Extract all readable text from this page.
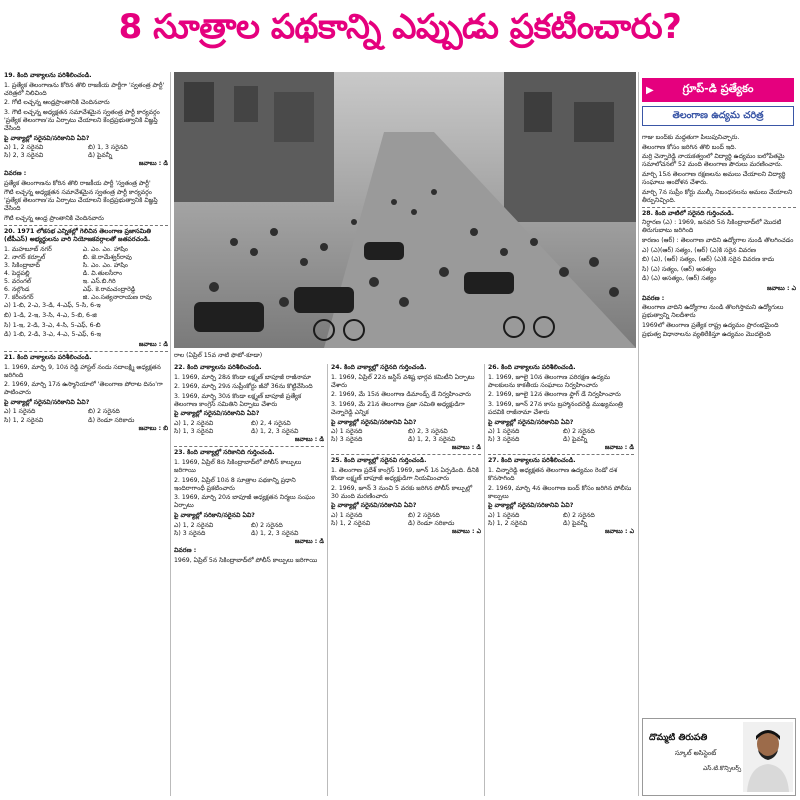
8 సూత్రాల పథకాన్ని ఎప్పుడు ప్రకటించారు?

19. కింది వాక్యాలను పరిశీలించండి.

1. ప్రత్యేక తెలంగాణను కోరిన తొలి రాజకీయ పార్టీగా 'స్వతంత్ర పార్టీ' చరిత్రలో నిలిచింది

2. గోటి లచ్చన్న ఆంధ్రప్రాంతానికి చెందినవారు

3. గౌటి లచ్చన్న అధ్యక్షతన సమావేశమైన స్వతంత్ర పార్టీ కార్యవర్గం 'ప్రత్యేక తెలంగాణ'ను ఏర్పాటు చేయాలని కేంద్రప్రభుత్వానికి విజ్ఞప్తి చేసింది

పై వాక్యాల్లో సరైనవి/సరికానివి ఏవి?

ఎ) 1, 2 సరైనవి	బి) 1, 3 సరైనవి
సి) 2, 3 సరైనవి	డి) పైవన్నీ

జవాబు : డి

వివరణ :

ప్రత్యేక తెలంగాణను కోరిన తొలి రాజకీయ పార్టీ 'స్వతంత్ర పార్టీ'

గౌటి లచ్చన్న అధ్యక్షతన సమావేశమైన స్వతంత్ర పార్టీ కార్యవర్గం 'ప్రత్యేక తెలంగాణ'ను ఏర్పాటు చేయాలని కేంద్రప్రభుత్వానికి విజ్ఞప్తి చేసింది

గౌటి లచ్చన్న ఆంధ్ర ప్రాంతానికి చెందినవారు

20. 1971 లోకసభ ఎన్నికల్లో గెలిచిన తెలంగాణ ప్రజాసమితి (టీపీఎస్) అభ్యర్థులను వారి నియోజకవర్గాలతో జతపరచండి.

1. మహబూబ్ నగర్	ఎ. ఎం. ఎం. హాషిం
2. నాగర్ కర్నూల్	బి. జె.రామేశ్వర్‌రావు
3. సికింద్రాబాద్	సి. ఎం. ఎం. హాషిం
4. పెద్దపల్లి	డి. వి.తులసీరాం
5. వరంగల్	ఇ. ఎస్.బి.గిరి
6. నల్గొండ	ఎఫ్. కె.రామచంద్రారెడ్డి
7. కరీంనగర్	జి. ఎం.సత్యనారాయణ రావు

ఎ) 1-బి, 2-ఎ, 3-డి, 4-ఎఫ్, 5-సి, 6-ఇ

బి) 1-డి, 2-ఇ, 3-సి, 4-ఎ, 5-బి, 6-జి

సి) 1-ఇ, 2-డి, 3-ఎ, 4-సి, 5-ఎఫ్, 6-బి

డి) 1-బి, 2-డి, 3-ఎ, 4-ఎ, 5-ఎఫ్, 6-ఇ

జవాబు : డి

21. కింది వాక్యాలను పరిశీలించండి.

1. 1969, మార్చి 9, 10న రెడ్డి హాస్టల్ నందు సదాలక్ష్మి అధ్యక్షతన జరిగింది

2. 1969, మార్చి 17న ఉస్మానియాలో 'తెలంగాణ పోరాట దినం'గా పాటించారు

పై వాక్యాల్లో సరైనవి/సరికానివి ఏవి?

ఎ) 1 సరైనది	బి) 2 సరైనది
సి) 1, 2 సరైనవి	డి) రెండూ సరికాదు

జవాబు : బి

రాల (ఏప్రిల్ 15వ నాటి ఫొటో-కూడా)
▶	గ్రూప్-డి ప్రత్యేకం
తెలంగాణ ఉద్యమ చరిత్ర

గాజు బంద్‌కు మద్దతుగా పిలుపునిచ్చారు.

తెలంగాణ కోసం జరిగిన తొలి బంద్ ఇది.

మర్రి చెన్నారెడ్డి నాయకత్వంలో విద్యార్థి ఉద్యమం బలోపేతమై సమాలోచనలో 52 మంది తెలంగాణ పౌరులు మరణించారు.

మార్చి 15న తెలంగాణ రక్షణలను అమలు చేయాలని విద్యార్థి సంఘాలు ఆందోళన చేశారు.

మార్చి 7న సుప్రీం కోర్టు ముల్కీ నిబంధనలను అమలు చేయాలని తీర్పునిచ్చింది.

28. కింది వాటిలో సరైనది గుర్తించండి.

నిర్ధారణ (ఎ) : 1969, జనవరి 5న సికింద్రాబాద్‌లో మొదటి తిరుగుబాటు జరిగింది

కారణం (ఆర్) : తెలంగాణ వాదిని ఉద్యోగాల నుండి తొలగించడం

ఎ) (ఎ)(ఆర్) సత్యం, (ఆర్) (ఎ)కి సరైన వివరణ

బి) (ఎ), (ఆర్) సత్యం, (ఆర్) (ఎ)కి సరైన వివరణ కాదు

సి) (ఎ) సత్యం, (ఆర్) అసత్యం

డి) (ఎ) అసత్యం, (ఆర్) సత్యం

జవాబు : ఎ

వివరణ :

తెలంగాణ వాదిని ఉద్యోగాల నుండి తొలగిస్తామని ఉద్యోగులు ప్రభుత్వాన్ని నిలదీశారు

1969లో తెలంగాణ ప్రత్యేక రాష్ట్ర ఉద్యమం ప్రారంభమైంది

ప్రభుత్వ విధానాలను వ్యతిరేకిస్తూ ఉద్యమం మొదలైంది

22. కింది వాక్యాలను పరిశీలించండి.

1. 1969, మార్చి 28న కొండా లక్ష్మణ్ బాపూజీ రాజీనామా

2. 1969, మార్చి 29న సుప్రీంకోర్టు జీవో 36ను కొట్టివేసింది

3. 1969, మార్చి 30న కొండా లక్ష్మణ్ బాపూజీ ప్రత్యేక తెలంగాణ కాంగ్రెస్ సమితిని ఏర్పాటు చేశారు

పై వాక్యాల్లో సరైనవి/సరికానివి ఏవి?

ఎ) 1, 2 సరైనవి	బి) 2, 4 సరైనవి
సి) 1, 3 సరైనవి	డి) 1, 2, 3 సరైనవి

జవాబు : డి

23. కింది వాక్యాల్లో సరికానిది గుర్తించండి.

1. 1969, ఏప్రిల్ 8న సికింద్రాబాద్‌లో పోలీస్ కాల్పులు జరిగాయి

2. 1969, ఏప్రిల్ 10న 8 సూత్రాల పథకాన్ని ప్రధాని ఇందిరాగాంధీ ప్రకటించారు

3. 1969, మార్చి 20న బాపూజీ అధ్యక్షతన నిర్మలు సంఘం ఏర్పాటు

పై వాక్యాల్లో సరికాని/సరైనవి ఏవి?

ఎ) 1, 2 సరైనవి	బి) 2 సరైనది
సి) 3 సరైనది	డి) 1, 2, 3 సరైనవి

జవాబు : డి

వివరణ :

1969, ఏప్రిల్ 5న సికింద్రాబాద్‌లో పోలీస్ కాల్పులు జరిగాయి

24. కింది వాక్యాల్లో సరైనది గుర్తించండి.

1. 1969, ఏప్రిల్ 22న జస్టిస్ వశిష్ట భార్గవ కమిటీని ఏర్పాటు చేశారు

2. 1969, మే 15న తెలంగాణ డిమాండ్స్ డే నిర్వహించారు

3. 1969, మే 21న తెలంగాణ ప్రజా సమితి అధ్యక్షుడిగా చెన్నారెడ్డి ఎన్నిక

పై వాక్యాల్లో సరైనవి/సరికానివి ఏవి?

ఎ) 1 సరైనది	బి) 2, 3 సరైనవి
సి) 3 సరైనది	డి) 1, 2, 3 సరైనవి

జవాబు : డి

25. కింది వాక్యాల్లో సరైనవి గుర్తించండి.

1. తెలంగాణ ప్రదేశ్ కాంగ్రెస్ 1969, జూన్ 1న ఏర్పడింది. దీనికి కొండా లక్ష్మణ్ బాపూజీ అధ్యక్షుడిగా నియమించారు

2. 1969, జూన్ 3 నుంచి 5 వరకు జరిగిన పోలీస్ కాల్పుల్లో 30 మంది మరణించారు

పై వాక్యాల్లో సరైనవి/సరికానివి ఏవి?

ఎ) 1 సరైనది	బి) 2 సరైనది
సి) 1, 2 సరైనవి	డి) రెండూ సరికాదు

జవాబు : ఎ

26. కింది వాక్యాలను పరిశీలించండి.

1. 1969, జూలై 10న తెలంగాణ పరిరక్షణ ఉద్యమ పాలకులను కాకతీయ సంఘాలు నిర్వహించారు

2. 1969, జూలై 12న తెలంగాణ ఫ్లాగ్ డే నిర్వహించారు

3. 1969, జూన్ 27న కాసు బ్రహ్మానందరెడ్డి ముఖ్యమంత్రి పదవికి రాజీనామా చేశారు

పై వాక్యాల్లో సరైనవి/సరికానివి ఏవి?

ఎ) 1 సరైనది	బి) 2 సరైనది
సి) 3 సరైనది	డి) పైవన్నీ

జవాబు : డి

27. కింది వాక్యాలను పరిశీలించండి.

1. చిన్నారెడ్డి అధ్యక్షతన తెలంగాణ ఉద్యమం రెండో దశ కొనసాగింది

2. 1969, మార్చి 4న తెలంగాణ బంద్ కోసం జరిగిన పోలీసు కాల్పులు

పై వాక్యాల్లో సరైనవి/సరికానివి ఏవి?

ఎ) 1 సరైనది	బి) 2 సరైనది
సి) 1, 2 సరైనవి	డి) పైవన్నీ

జవాబు : ఎ

దొమ్మటి తిరుపతి
స్కూల్ అసిస్టెంట్
ఎస్.టి.కొన్సిలర్స్
